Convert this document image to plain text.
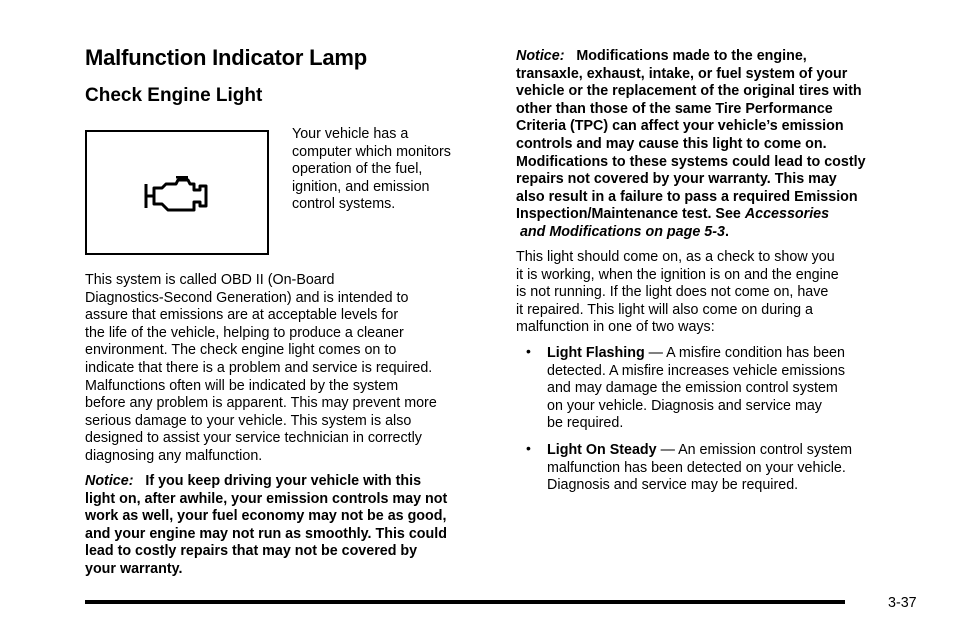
Malfunction Indicator Lamp
Check Engine Light
Your vehicle has a
computer which monitors
operation of the fuel,
ignition, and emission
control systems.
This system is called OBD II (On-Board
Diagnostics-Second Generation) and is intended to
assure that emissions are at acceptable levels for
the life of the vehicle, helping to produce a cleaner
environment. The check engine light comes on to
indicate that there is a problem and service is required.
Malfunctions often will be indicated by the system
before any problem is apparent. This may prevent more
serious damage to your vehicle. This system is also
designed to assist your service technician in correctly
diagnosing any malfunction.
Notice: If you keep driving your vehicle with this
light on, after awhile, your emission controls may not
work as well, your fuel economy may not be as good,
and your engine may not run as smoothly. This could
lead to costly repairs that may not be covered by
your warranty.
Notice: Modifications made to the engine,
transaxle, exhaust, intake, or fuel system of your
vehicle or the replacement of the original tires with
other than those of the same Tire Performance
Criteria (TPC) can affect your vehicle’s emission
controls and may cause this light to come on.
Modifications to these systems could lead to costly
repairs not covered by your warranty. This may
also result in a failure to pass a required Emission
Inspection/Maintenance test. See Accessories
and Modifications on page 5-3.
This light should come on, as a check to show you
it is working, when the ignition is on and the engine
is not running. If the light does not come on, have
it repaired. This light will also come on during a
malfunction in one of two ways:
• Light Flashing — A misfire condition has been
detected. A misfire increases vehicle emissions
and may damage the emission control system
on your vehicle. Diagnosis and service may
be required.
• Light On Steady — An emission control system
malfunction has been detected on your vehicle.
Diagnosis and service may be required.
3-37
